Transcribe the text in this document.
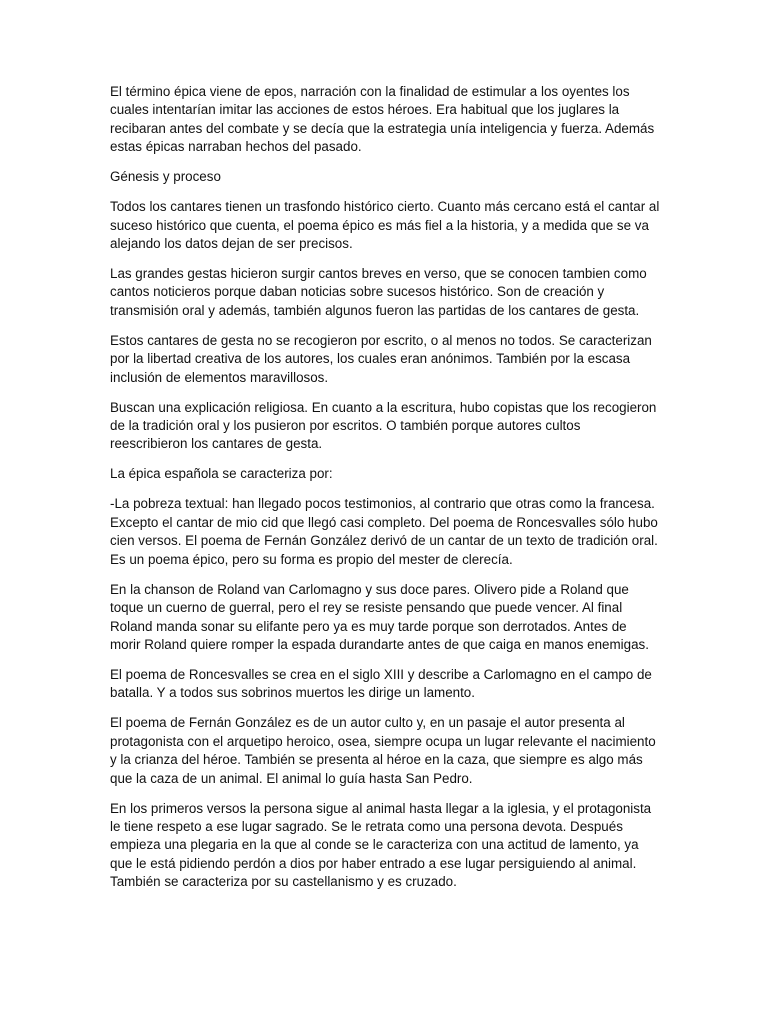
El término épica viene de epos, narración con la finalidad de estimular a los oyentes los cuales intentarían imitar las acciones de estos héroes. Era habitual que los juglares la recibaran antes del combate y se decía que la estrategia unía inteligencia y fuerza. Además estas épicas narraban hechos del pasado.

Génesis y proceso

Todos los cantares tienen un trasfondo histórico cierto. Cuanto más cercano está el cantar al suceso histórico que cuenta, el poema épico es más fiel a la historia, y a medida que se va alejando los datos dejan de ser precisos.

Las grandes gestas hicieron surgir cantos breves en verso, que se conocen tambien como cantos noticieros porque daban noticias sobre sucesos histórico. Son de creación y transmisión oral y además, también algunos fueron las partidas de los cantares de gesta.

Estos cantares de gesta no se recogieron por escrito, o al menos no todos. Se caracterizan por la libertad creativa de los autores, los cuales eran anónimos. También por la escasa inclusión de elementos maravillosos.

Buscan una explicación religiosa. En cuanto a la escritura, hubo copistas que los recogieron de la tradición oral y los pusieron por escritos. O también porque autores cultos reescribieron los cantares de gesta.

La épica española se caracteriza por:

-La pobreza textual: han llegado pocos testimonios, al contrario que otras como la francesa. Excepto el cantar de mio cid que llegó casi completo. Del poema de Roncesvalles sólo hubo cien versos. El poema de Fernán González derivó de un cantar de un texto de tradición oral. Es un poema épico, pero su forma es propio del mester de clerecía.

En la chanson de Roland van Carlomagno y sus doce pares. Olivero pide a Roland que toque un cuerno de guerral, pero el rey se resiste pensando que puede vencer. Al final Roland manda sonar su elifante pero ya es muy tarde porque son derrotados. Antes de morir Roland quiere romper la espada durandarte antes de que caiga en manos enemigas.

El poema de Roncesvalles se crea en el siglo XIII y describe a Carlomagno en el campo de batalla. Y a todos sus sobrinos muertos les dirige un lamento.

El poema de Fernán González es de un autor culto y, en un pasaje el autor presenta al protagonista con el arquetipo heroico, osea, siempre ocupa un lugar relevante el nacimiento y la crianza del héroe. También se presenta al héroe en la caza, que siempre es algo más que la caza de un animal. El animal lo guía hasta San Pedro.

En los primeros versos la persona sigue al animal hasta llegar a la iglesia, y el protagonista le tiene respeto a ese lugar sagrado. Se le retrata como una persona devota. Después empieza una plegaria en la que al conde se le caracteriza con una actitud de lamento, ya que le está pidiendo perdón a dios por haber entrado a ese lugar persiguiendo al animal. También se caracteriza por su castellanismo y es cruzado.
